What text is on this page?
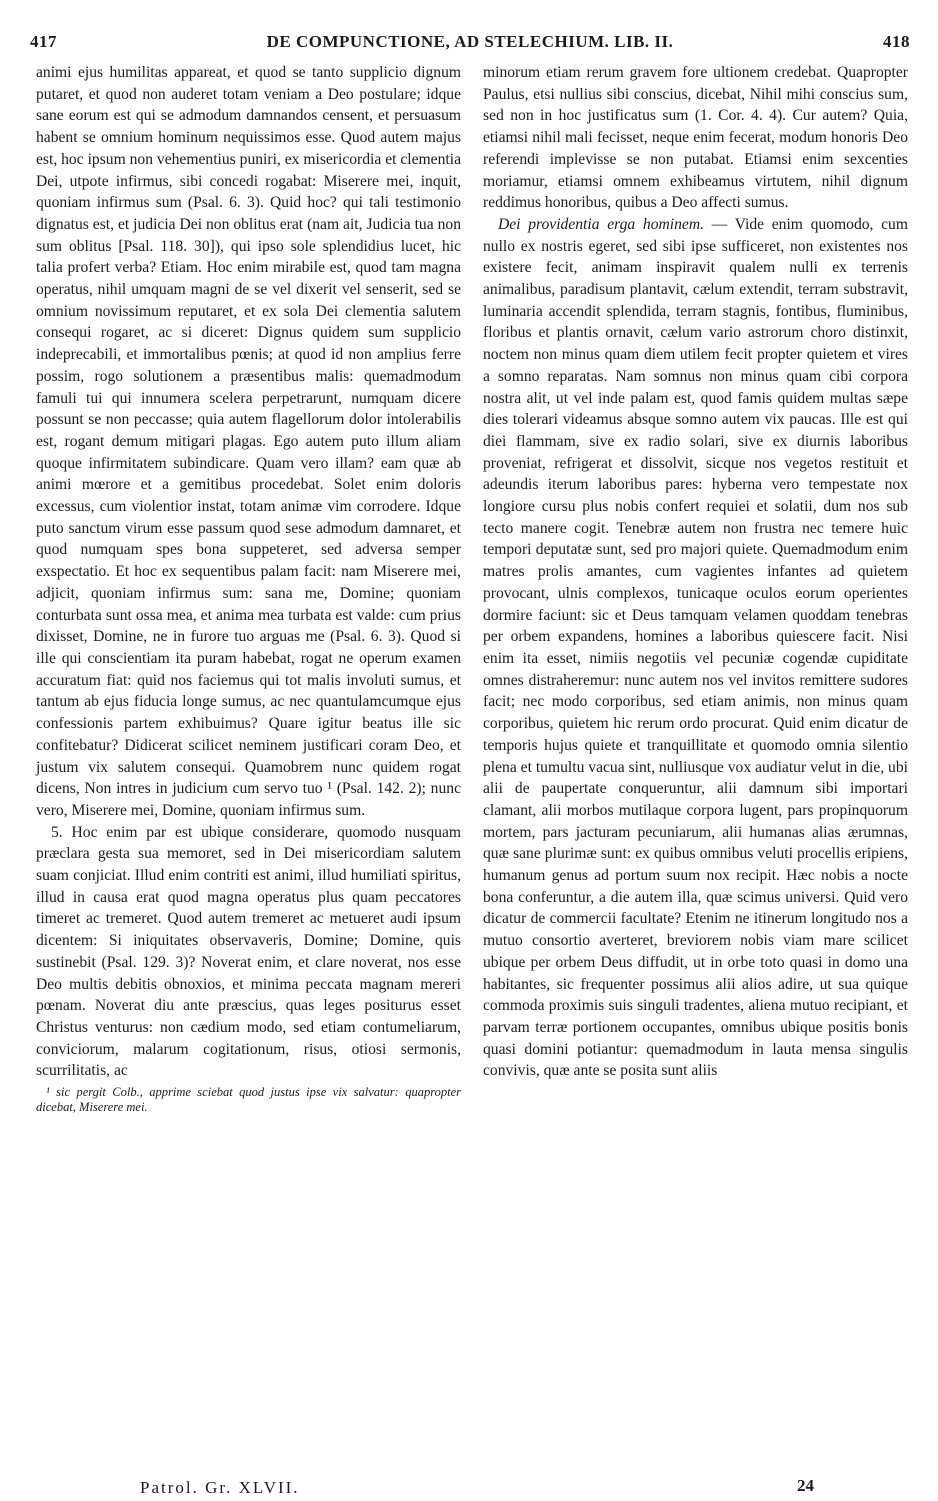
417	DE COMPUNCTIONE, AD STELECHIUM. LIB. II.	418

animi ejus humilitas appareat, et quod se tanto supplicio dignum putaret, et quod non auderet totam veniam a Deo postulare; idque sane eorum est qui se admodum damnandos censent, et persuasum habent se omnium hominum nequissimos esse. Quod autem majus est, hoc ipsum non vehementius puniri, ex misericordia et clementia Dei, utpote infirmus, sibi concedi rogabat: Miserere mei, inquit, quoniam infirmus sum (Psal. 6. 3). Quid hoc? qui tali testimonio dignatus est, et judicia Dei non oblitus erat (nam ait, Judicia tua non sum oblitus [Psal. 118. 30]), qui ipso sole splendidius lucet, hic talia profert verba? Etiam. Hoc enim mirabile est, quod tam magna operatus, nihil umquam magni de se vel dixerit vel senserit, sed se omnium novissimum reputaret, et ex sola Dei clementia salutem consequi rogaret, ac si diceret: Dignus quidem sum supplicio indeprecabili, et immortalibus pœnis; at quod id non amplius ferre possim, rogo solutionem a præsentibus malis: quemadmodum famuli tui qui innumera scelera perpetrarunt, numquam dicere possunt se non peccasse; quia autem flagellorum dolor intolerabilis est, rogant demum mitigari plagas. Ego autem puto illum aliam quoque infirmitatem subindicare. Quam vero illam? eam quæ ab animi mœrore et a gemitibus procedebat. Solet enim doloris excessus, cum violentior instat, totam animæ vim corrodere. Idque puto sanctum virum esse passum quod sese admodum damnaret, et quod numquam spes bona suppeteret, sed adversa semper exspectatio. Et hoc ex sequentibus palam facit: nam Miserere mei, adjicit, quoniam infirmus sum: sana me, Domine; quoniam conturbata sunt ossa mea, et anima mea turbata est valde: cum prius dixisset, Domine, ne in furore tuo arguas me (Psal. 6. 3). Quod si ille qui conscientiam ita puram habebat, rogat ne operum examen accuratum fiat: quid nos faciemus qui tot malis involuti sumus, et tantum ab ejus fiducia longe sumus, ac nec quantulamcumque ejus confessionis partem exhibuimus? Quare igitur beatus ille sic confitebatur? Didicerat scilicet neminem justificari coram Deo, et justum vix salutem consequi. Quamobrem nunc quidem rogat dicens, Non intres in judicium cum servo tuo ¹ (Psal. 142. 2); nunc vero, Miserere mei, Domine, quoniam infirmus sum.

5. Hoc enim par est ubique considerare, quomodo nusquam præclara gesta sua memoret, sed in Dei misericordiam salutem suam conjiciat. Illud enim contriti est animi, illud humiliati spiritus, illud in causa erat quod magna operatus plus quam peccatores timeret ac tremeret. Quod autem tremeret ac metueret audi ipsum dicentem: Si iniquitates observaveris, Domine; Domine, quis sustinebit (Psal. 129. 3)? Noverat enim, et clare noverat, nos esse Deo multis debitis obnoxios, et minima peccata magnam mereri pœnam. Noverat diu ante præscius, quas leges positurus esset Christus venturus: non cædium modo, sed etiam contumeliarum, conviciorum, malarum cogitationum, risus, otiosi sermonis, scurrilitatis, ac

¹ sic pergit Colb., apprime sciebat quod justus ipse vix salvatur: quapropter dicebat, Miserere mei.

minorum etiam rerum gravem fore ultionem credebat. Quapropter Paulus, etsi nullius sibi conscius, dicebat, Nihil mihi conscius sum, sed non in hoc justificatus sum (1. Cor. 4. 4). Cur autem? Quia, etiamsi nihil mali fecisset, neque enim fecerat, modum honoris Deo referendi implevisse se non putabat. Etiamsi enim sexcenties moriamur, etiamsi omnem exhibeamus virtutem, nihil dignum reddimus honoribus, quibus a Deo affecti sumus.

Dei providentia erga hominem. — Vide enim quomodo, cum nullo ex nostris egeret, sed sibi ipse sufficeret, non existentes nos existere fecit, animam inspiravit qualem nulli ex terrenis animalibus, paradisum plantavit, cælum extendit, terram substravit, luminaria accendit splendida, terram stagnis, fontibus, fluminibus, floribus et plantis ornavit, cælum vario astrorum choro distinxit, noctem non minus quam diem utilem fecit propter quietem et vires a somno reparatas. Nam somnus non minus quam cibi corpora nostra alit, ut vel inde palam est, quod famis quidem multas sæpe dies tolerari videamus absque somno autem vix paucas. Ille est qui diei flammam, sive ex radio solari, sive ex diurnis laboribus proveniat, refrigerat et dissolvit, sicque nos vegetos restituit et adeundis iterum laboribus pares: hyberna vero tempestate nox longiore cursu plus nobis confert requiei et solatii, dum nos sub tecto manere cogit. Tenebræ autem non frustra nec temere huic tempori deputatæ sunt, sed pro majori quiete. Quemadmodum enim matres prolis amantes, cum vagientes infantes ad quietem provocant, ulnis complexos, tunicaque oculos eorum operientes dormire faciunt: sic et Deus tamquam velamen quoddam tenebras per orbem expandens, homines a laboribus quiescere facit. Nisi enim ita esset, nimiis negotiis vel pecuniæ cogendæ cupiditate omnes distraheremur: nunc autem nos vel invitos remittere sudores facit; nec modo corporibus, sed etiam animis, non minus quam corporibus, quietem hic rerum ordo procurat. Quid enim dicatur de temporis hujus quiete et tranquillitate et quomodo omnia silentio plena et tumultu vacua sint, nulliusque vox audiatur velut in die, ubi alii de paupertate conqueruntur, alii damnum sibi importari clamant, alii morbos mutilaque corpora lugent, pars propinquorum mortem, pars jacturam pecuniarum, alii humanas alias ærumnas, quæ sane plurimæ sunt: ex quibus omnibus veluti procellis eripiens, humanum genus ad portum suum nox recipit. Hæc nobis a nocte bona conferuntur, a die autem illa, quæ scimus universi. Quid vero dicatur de commercii facultate? Etenim ne itinerum longitudo nos a mutuo consortio averteret, breviorem nobis viam mare scilicet ubique per orbem Deus diffudit, ut in orbe toto quasi in domo una habitantes, sic frequenter possimus alii alios adire, ut sua quique commoda proximis suis singuli tradentes, aliena mutuo recipiant, et parvam terræ portionem occupantes, omnibus ubique positis bonis quasi domini potiantur: quemadmodum in lauta mensa singulis convivis, quæ ante se posita sunt aliis

Patrol. Gr. XLVII.	24
